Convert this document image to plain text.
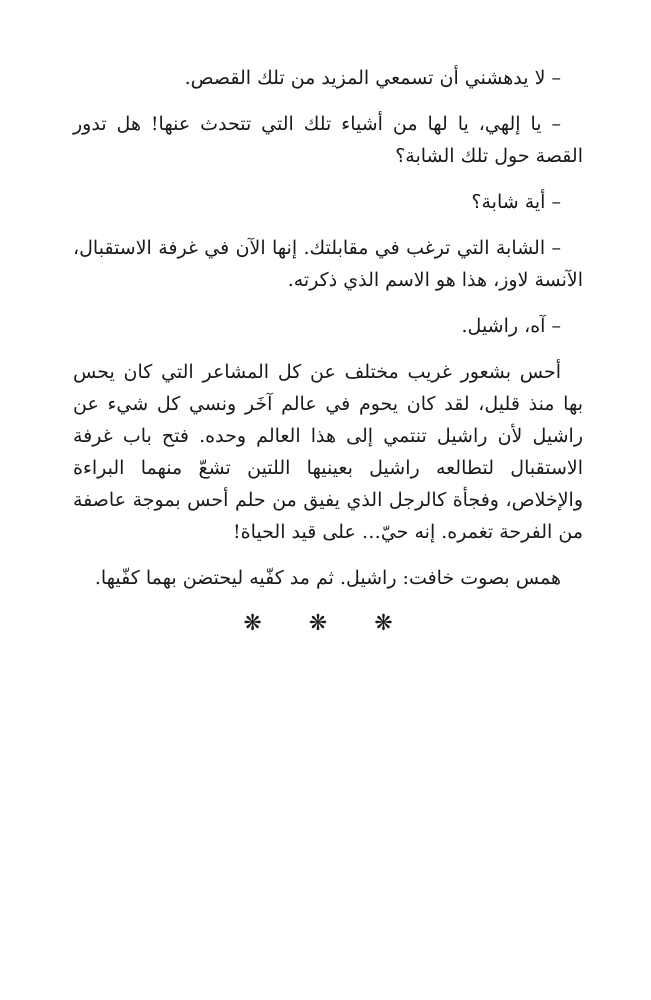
– لا يدهشني أن تسمعي المزيد من تلك القصص.

– يا إلهي، يا لها من أشياء تلك التي تتحدث عنها! هل تدور القصة حول تلك الشابة؟

– أية شابة؟

– الشابة التي ترغب في مقابلتك. إنها الآن في غرفة الاستقبال، الآنسة لاوز، هذا هو الاسم الذي ذكرته.

– آه، راشيل.

أحس بشعور غريب مختلف عن كل المشاعر التي كان يحس بها منذ قليل، لقد كان يحوم في عالم آخَر ونسي كل شيء عن راشيل لأن راشيل تنتمي إلى هذا العالم وحده. فتح باب غرفة الاستقبال لتطالعه راشيل بعينيها اللتين تشعّ منهما البراءة والإخلاص، وفجأة كالرجل الذي يفيق من حلم أحس بموجة عاصفة من الفرحة تغمره. إنه حيّ… على قيد الحياة!

همس بصوت خافت: راشيل. ثم مد كفّيه ليحتضن بهما كفّيها.

❋ ❋ ❋
